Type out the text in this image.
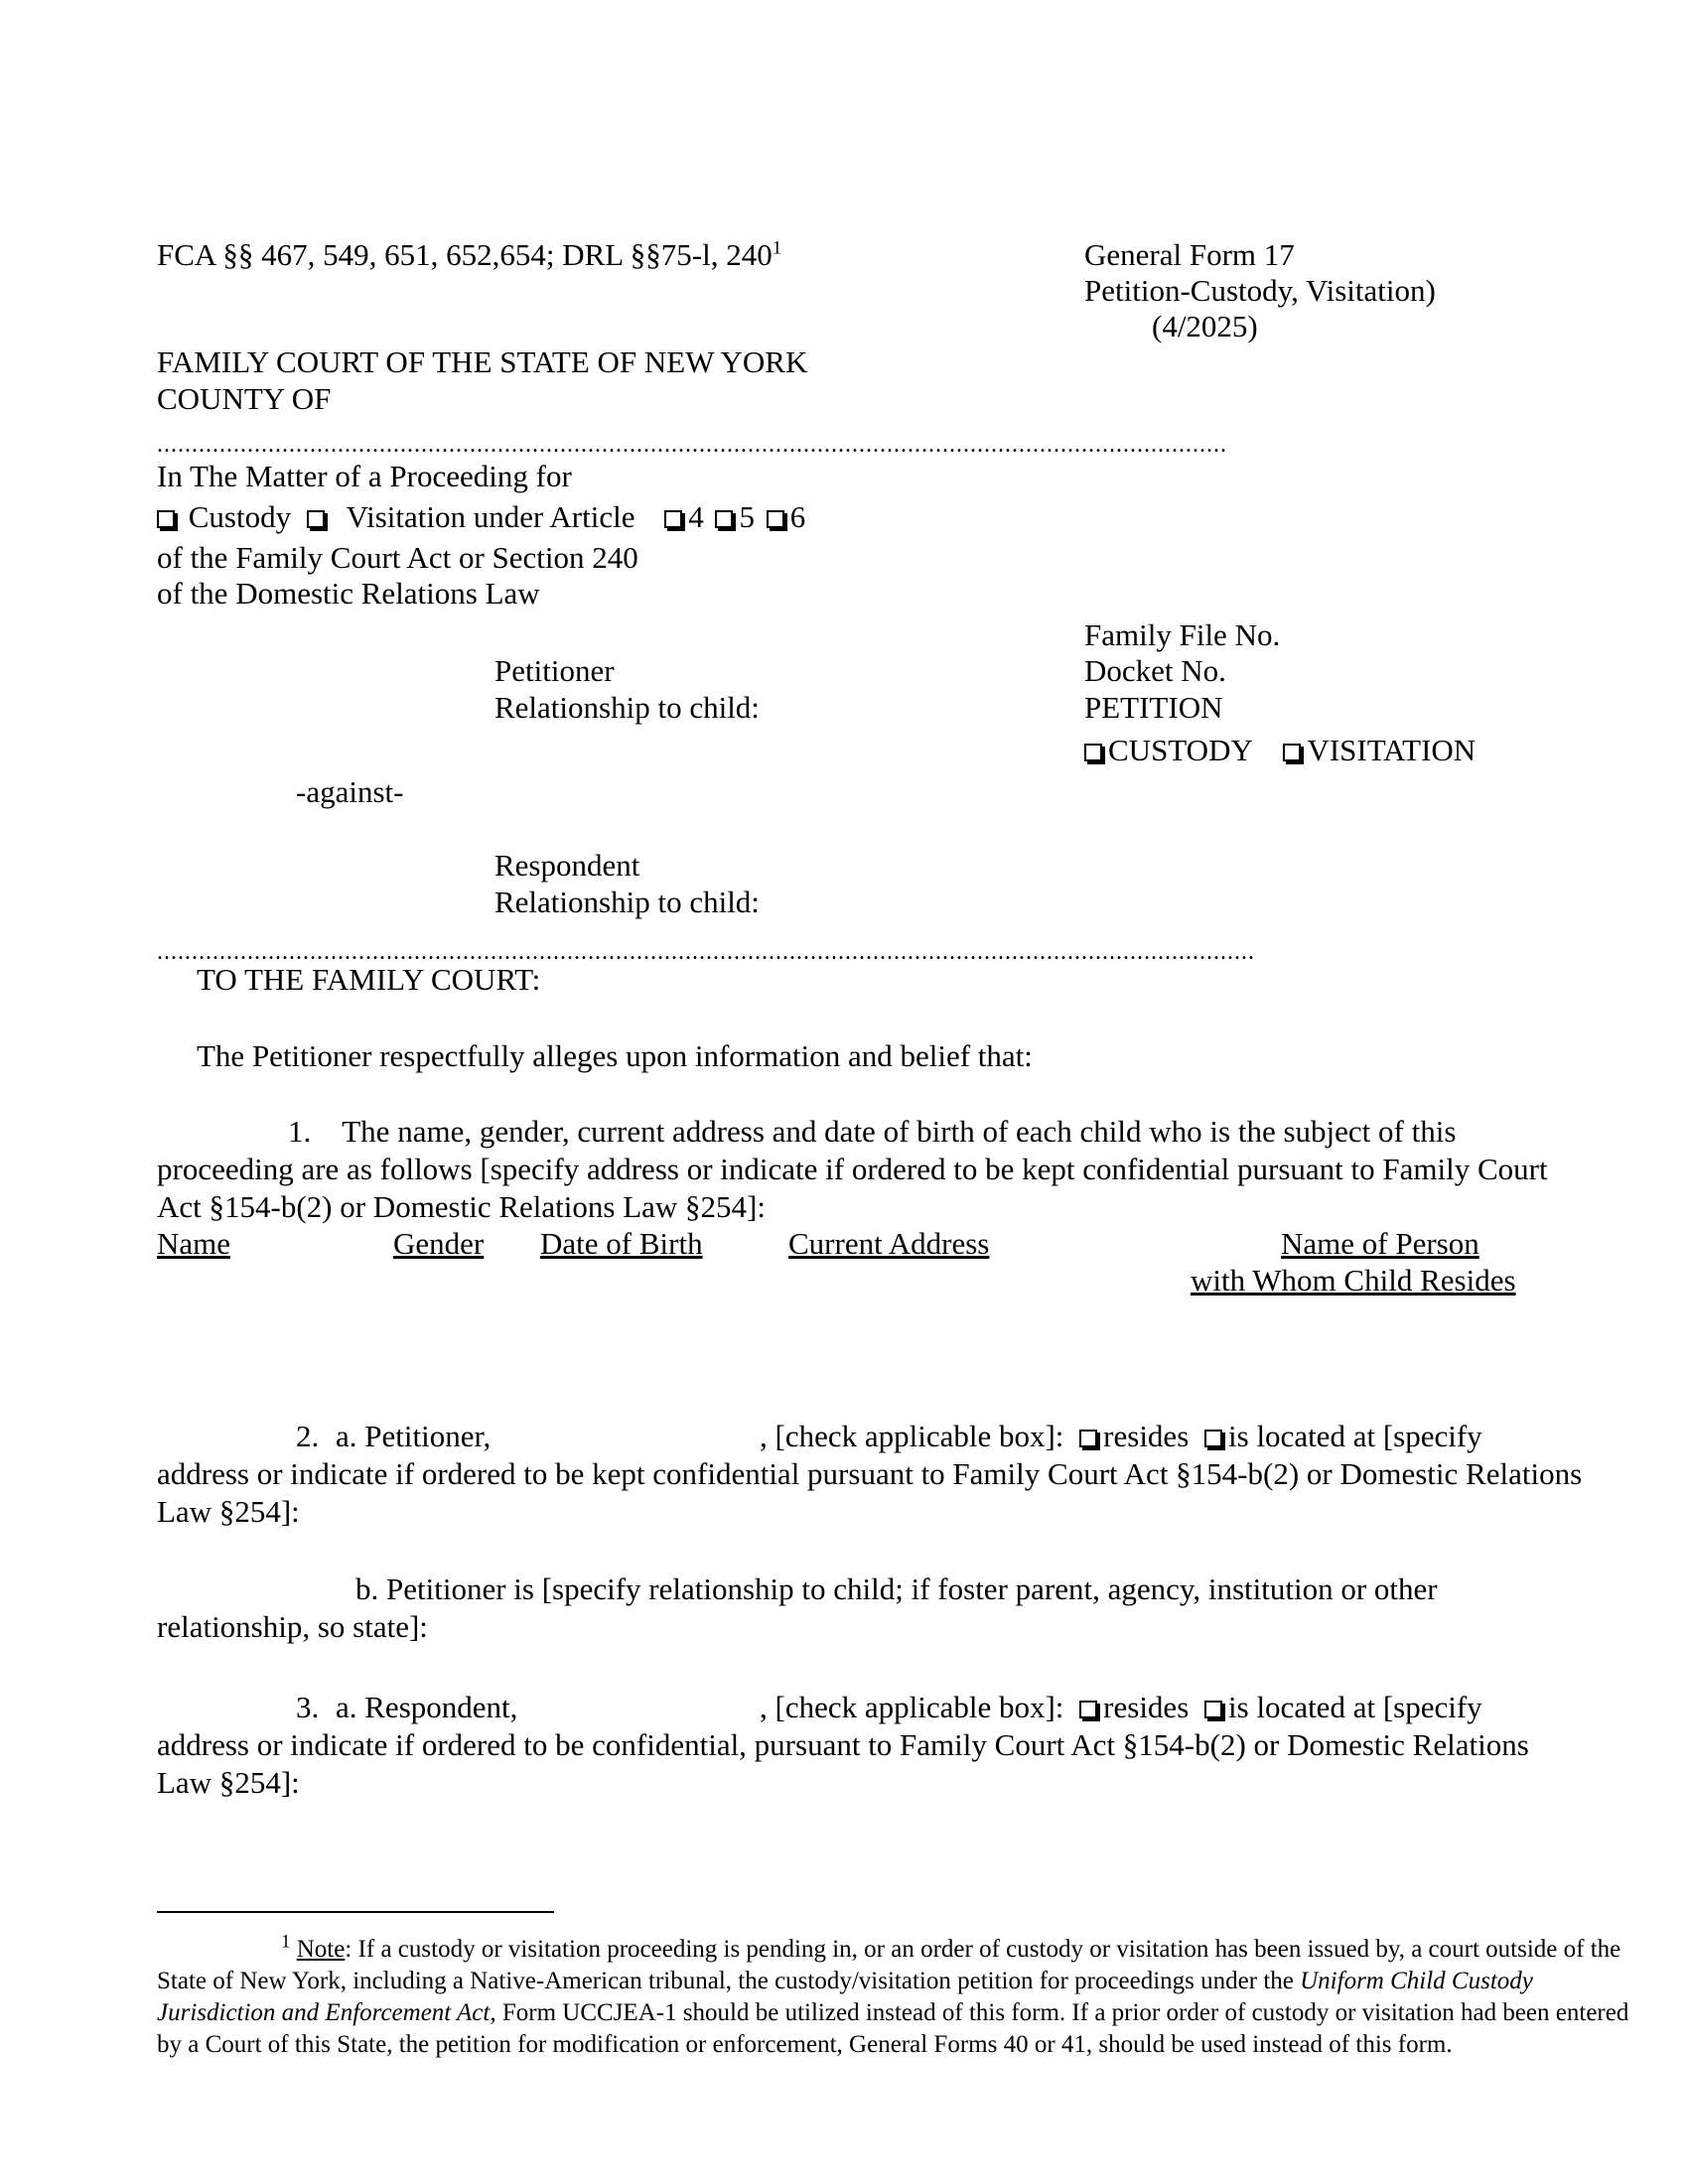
FCA §§ 467, 549, 651, 652,654; DRL §§75-l, $240^1$	General Form 17
Petition-Custody, Visitation)
(4/2025)
FAMILY COURT OF THE STATE OF NEW YORK
COUNTY OF
..........................................................................................................................................................
In The Matter of a Proceeding for
Custody Visitation under Article 4 5 6
of the Family Court Act or Section 240
of the Domestic Relations Law
Petitioner
Relationship to child:
-against-
Respondent
Relationship to child:
Family File No.
Docket No.
PETITION
CUSTODY VISITATION
..............................................................................................................................................................
TO THE FAMILY COURT:
The Petitioner respectfully alleges upon information and belief that:
1. The name, gender, current address and date of birth of each child who is the subject of this proceeding are as follows [specify address or indicate if ordered to be kept confidential pursuant to Family Court Act §154-b(2) or Domestic Relations Law §254]:
Name	Gender Date of Birth	Current Address	Name of Person
with Whom Child Resides
2. a. Petitioner,	, [check applicable box]: resides is located at [specify
address or indicate if ordered to be kept confidential pursuant to Family Court Act §154-b(2) or Domestic Relations Law §254]:
b. Petitioner is [specify relationship to child; if foster parent, agency, institution or other relationship, so state]:
3. a. Respondent,	, [check applicable box]: resides is located at [specify
address or indicate if ordered to be confidential, pursuant to Family Court Act §154-b(2) or Domestic Relations Law §254]:
$^1$ Note: If a custody or visitation proceeding is pending in, or an order of custody or visitation has been issued by, a court outside of the State of New York, including a Native-American tribunal, the custody/visitation petition for proceedings under the Uniform Child Custody Jurisdiction and Enforcement Act, Form UCCJEA-1 should be utilized instead of this form. If a prior order of custody or visitation had been entered by a Court of this State, the petition for modification or enforcement, General Forms 40 or 41, should be used instead of this form.
